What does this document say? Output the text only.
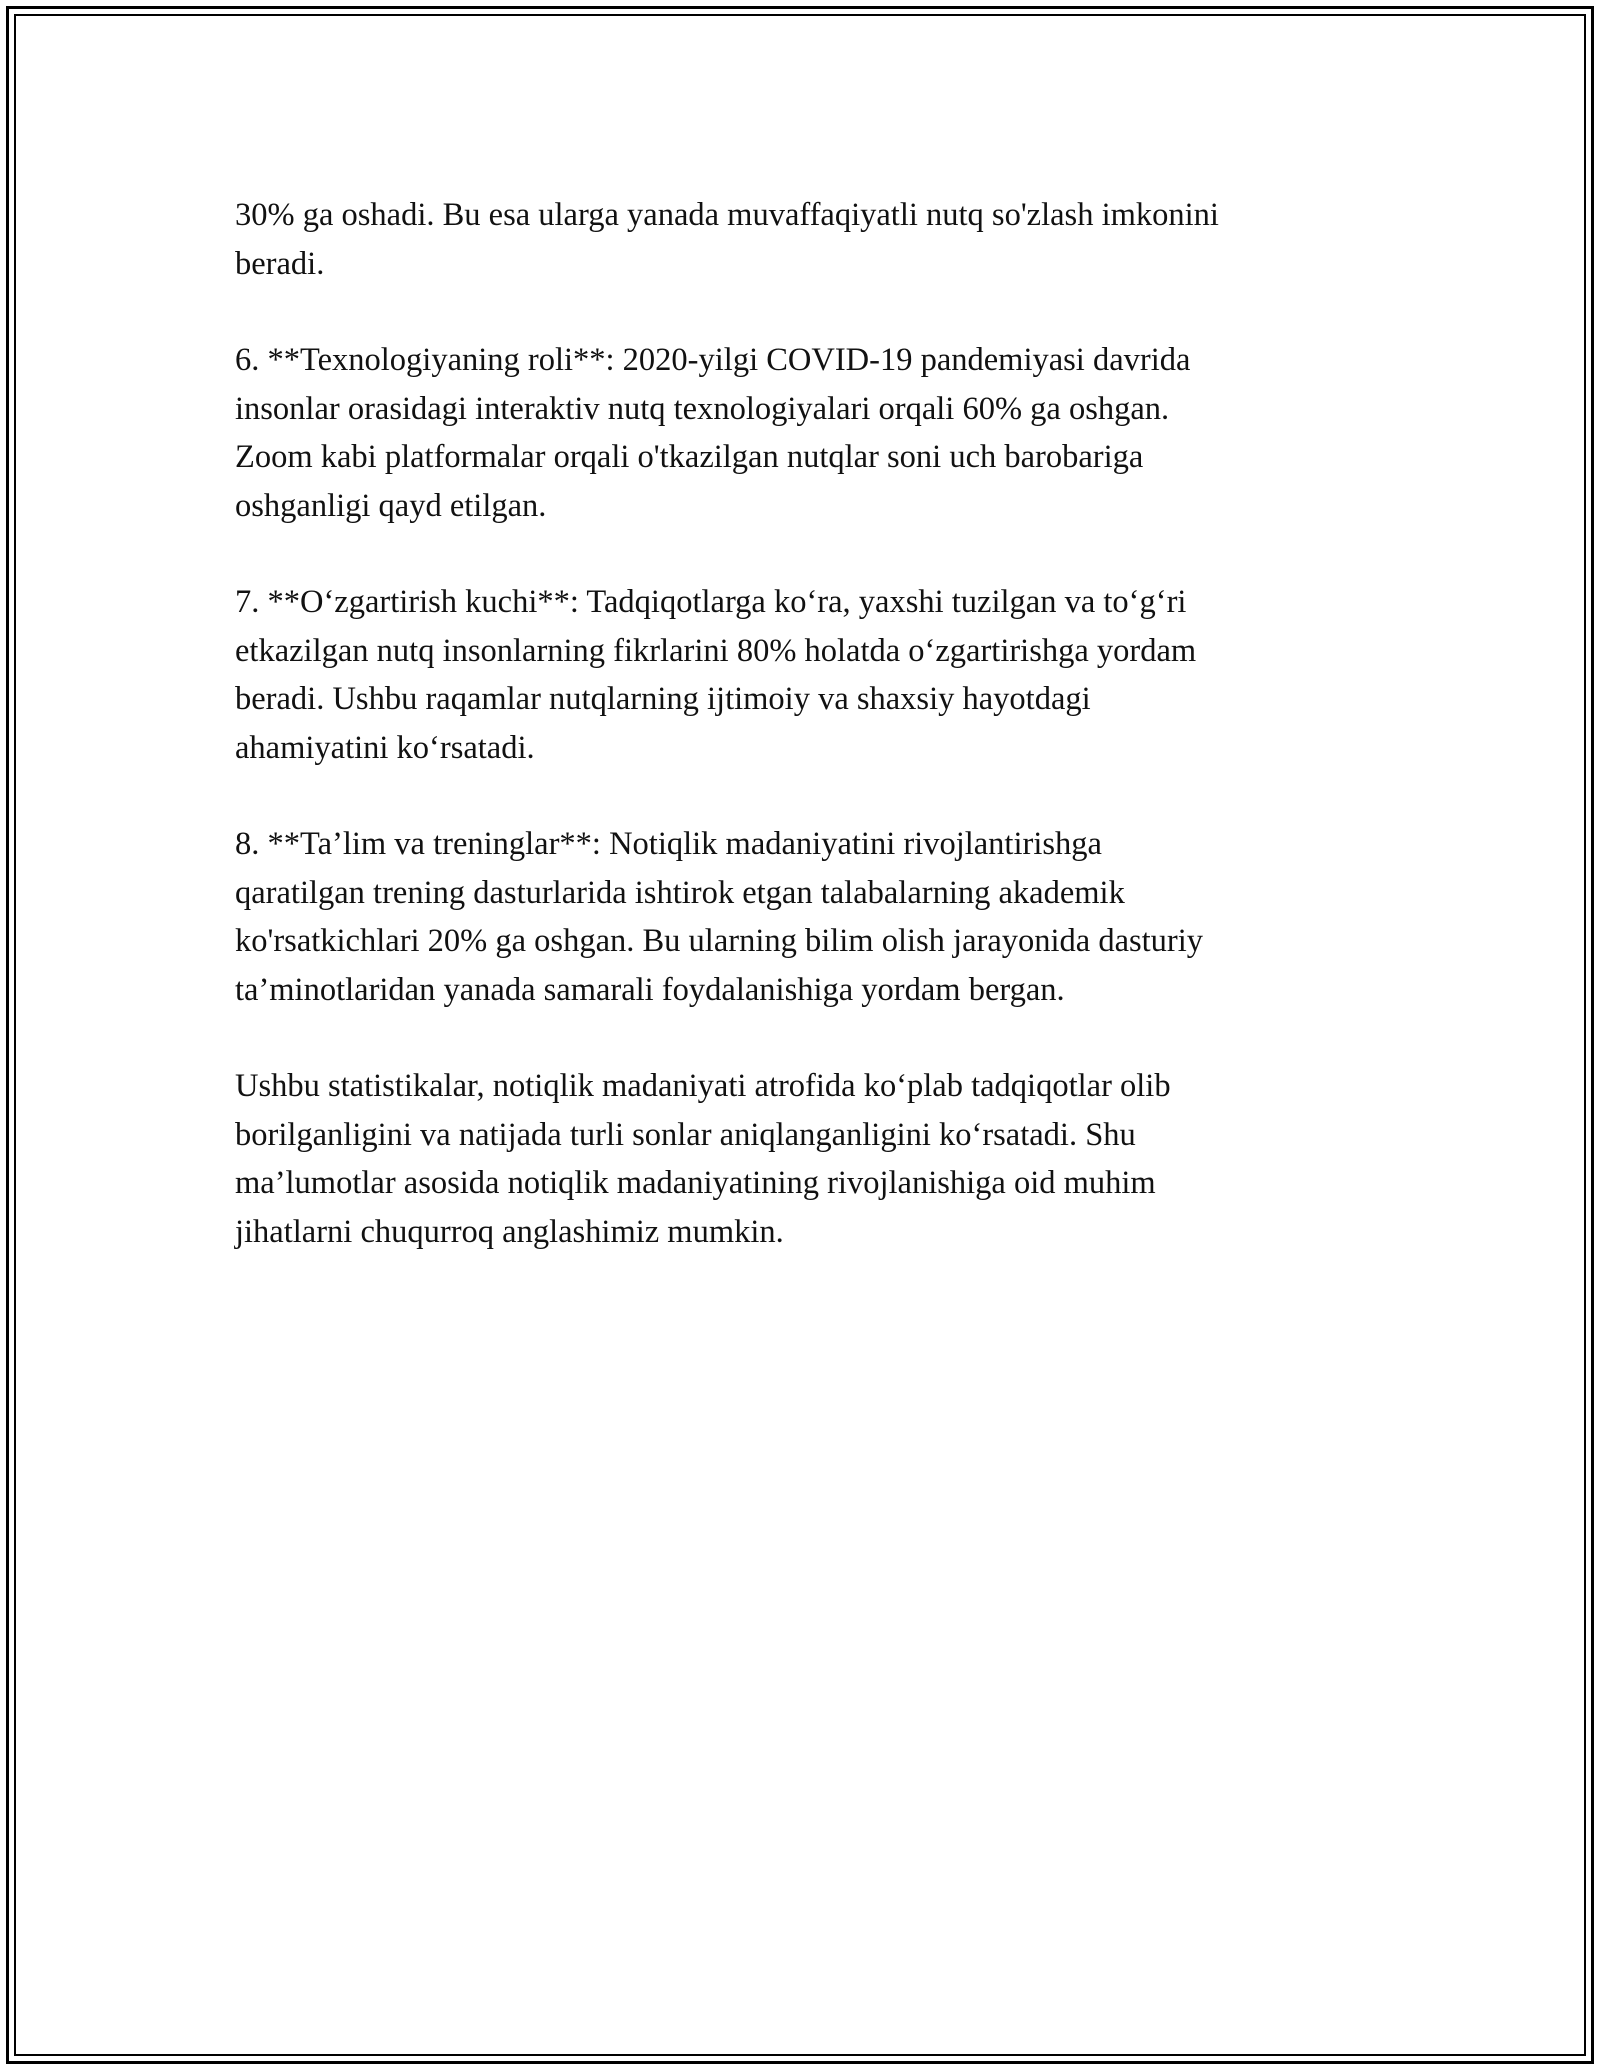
30% ga oshadi. Bu esa ularga yanada muvaffaqiyatli nutq so'zlash imkonini
beradi.

6. **Texnologiyaning roli**: 2020-yilgi COVID-19 pandemiyasi davrida
insonlar orasidagi interaktiv nutq texnologiyalari orqali 60% ga oshgan.
Zoom kabi platformalar orqali o'tkazilgan nutqlar soni uch barobariga
oshganligi qayd etilgan.

7. **O‘zgartirish kuchi**: Tadqiqotlarga ko‘ra, yaxshi tuzilgan va to‘g‘ri
etkazilgan nutq insonlarning fikrlarini 80% holatda o‘zgartirishga yordam
beradi. Ushbu raqamlar nutqlarning ijtimoiy va shaxsiy hayotdagi
ahamiyatini ko‘rsatadi.

8. **Ta’lim va treninglar**: Notiqlik madaniyatini rivojlantirishga
qaratilgan trening dasturlarida ishtirok etgan talabalarning akademik
ko'rsatkichlari 20% ga oshgan. Bu ularning bilim olish jarayonida dasturiy
ta’minotlaridan yanada samarali foydalanishiga yordam bergan.

Ushbu statistikalar, notiqlik madaniyati atrofida ko‘plab tadqiqotlar olib
borilganligini va natijada turli sonlar aniqlanganligini ko‘rsatadi. Shu
ma’lumotlar asosida notiqlik madaniyatining rivojlanishiga oid muhim
jihatlarni chuqurroq anglashimiz mumkin.
